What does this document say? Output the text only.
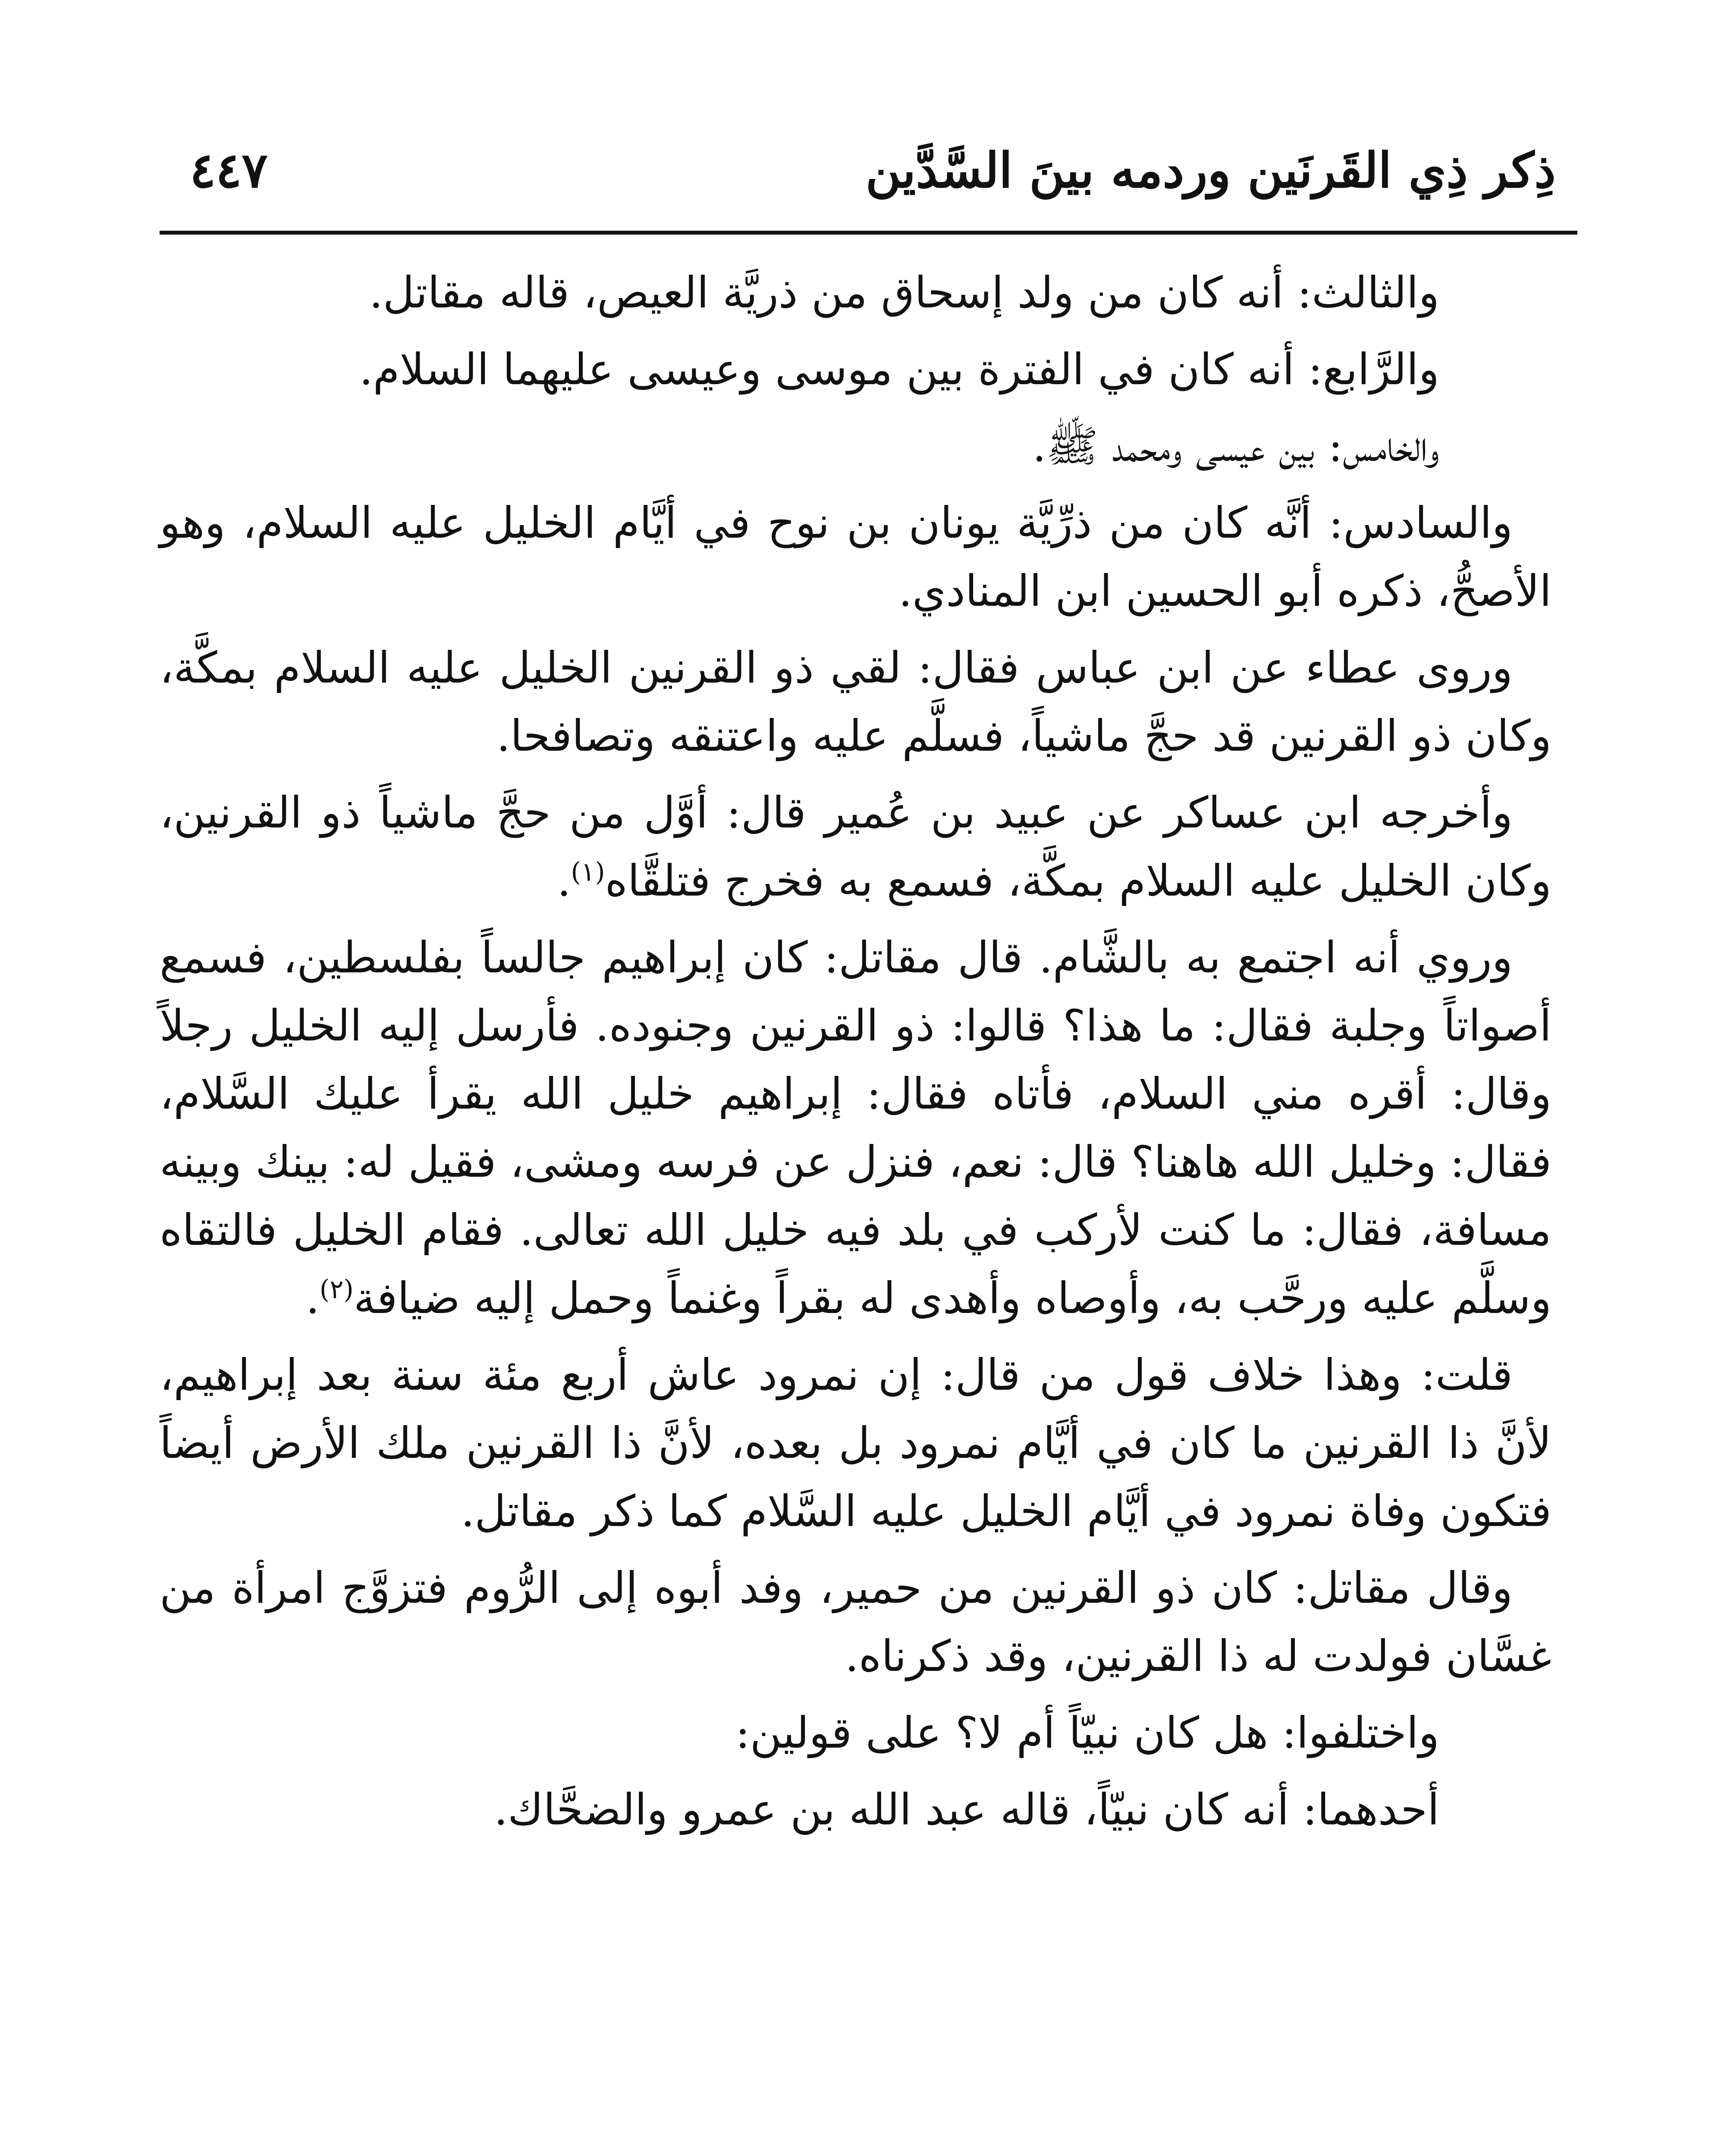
ذِكر ذِي القَرنَين وردمه بينَ السَّدَّين
٤٤٧

والثالث: أنه كان من ولد إسحاق من ذريَّة العيص، قاله مقاتل.

والرَّابع: أنه كان في الفترة بين موسى وعيسى عليهما السلام.

والخامس: بين عيسى ومحمد ﷺ.

والسادس: أنَّه كان من ذرِّيَّة يونان بن نوح في أيَّام الخليل عليه السلام، وهو الأصحُّ، ذكره أبو الحسين ابن المنادي.

وروى عطاء عن ابن عباس فقال: لقي ذو القرنين الخليل عليه السلام بمكَّة، وكان ذو القرنين قد حجَّ ماشياً، فسلَّم عليه واعتنقه وتصافحا.

وأخرجه ابن عساكر عن عبيد بن عُمير قال: أوَّل من حجَّ ماشياً ذو القرنين، وكان الخليل عليه السلام بمكَّة، فسمع به فخرج فتلقَّاه$^{(١)}$.

وروي أنه اجتمع به بالشَّام. قال مقاتل: كان إبراهيم جالساً بفلسطين، فسمع أصواتاً وجلبة فقال: ما هذا؟ قالوا: ذو القرنين وجنوده. فأرسل إليه الخليل رجلاً وقال: أقره مني السلام، فأتاه فقال: إبراهيم خليل الله يقرأ عليك السَّلام، فقال: وخليل الله هاهنا؟ قال: نعم، فنزل عن فرسه ومشى، فقيل له: بينك وبينه مسافة، فقال: ما كنت لأركب في بلد فيه خليل الله تعالى. فقام الخليل فالتقاه وسلَّم عليه ورحَّب به، وأوصاه وأهدى له بقراً وغنماً وحمل إليه ضيافة$^{(٢)}$.

قلت: وهذا خلاف قول من قال: إن نمرود عاش أربع مئة سنة بعد إبراهيم، لأنَّ ذا القرنين ما كان في أيَّام نمرود بل بعده، لأنَّ ذا القرنين ملك الأرض أيضاً فتكون وفاة نمرود في أيَّام الخليل عليه السَّلام كما ذكر مقاتل.

وقال مقاتل: كان ذو القرنين من حمير، وفد أبوه إلى الرُّوم فتزوَّج امرأة من غسَّان فولدت له ذا القرنين، وقد ذكرناه.

واختلفوا: هل كان نبيّاً أم لا؟ على قولين:

أحدهما: أنه كان نبيّاً، قاله عبد الله بن عمرو والضحَّاك.
